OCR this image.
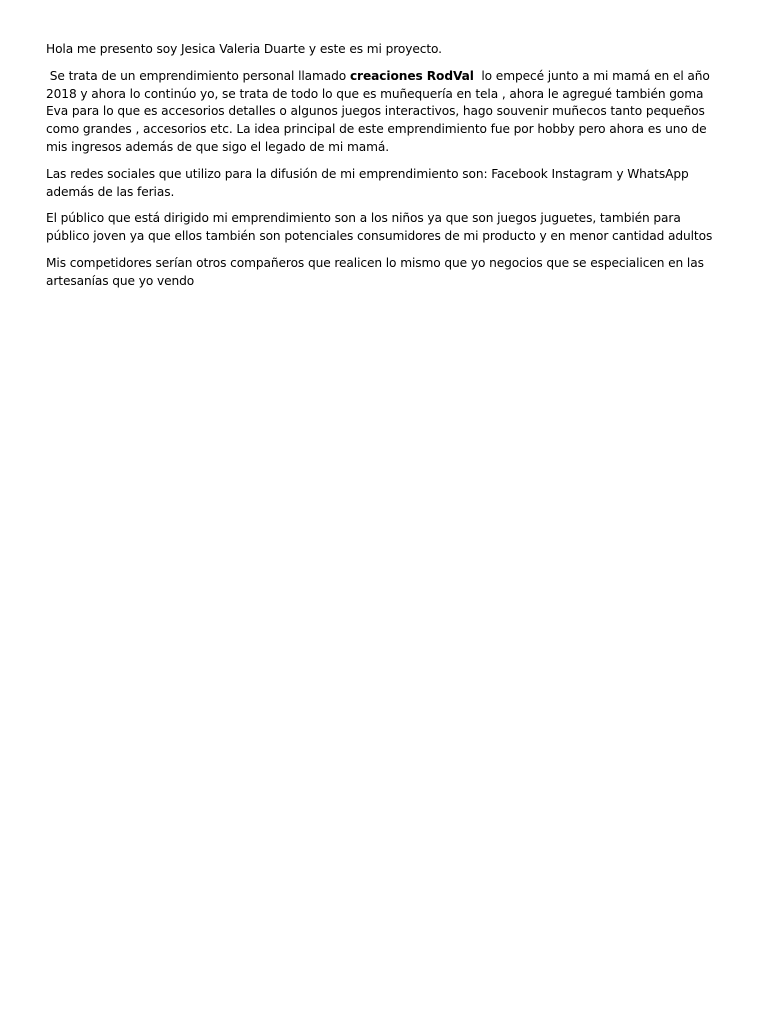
Hola me presento soy Jesica Valeria Duarte y este es mi proyecto.

Se trata de un emprendimiento personal llamado creaciones RodVal  lo empecé junto a mi mamá en el año 2018 y ahora lo continúo yo, se trata de todo lo que es muñequería en tela , ahora le agregué también goma Eva para lo que es accesorios detalles o algunos juegos interactivos, hago souvenir muñecos tanto pequeños como grandes , accesorios etc. La idea principal de este emprendimiento fue por hobby pero ahora es uno de mis ingresos además de que sigo el legado de mi mamá.

Las redes sociales que utilizo para la difusión de mi emprendimiento son: Facebook Instagram y WhatsApp además de las ferias.

El público que está dirigido mi emprendimiento son a los niños ya que son juegos juguetes, también para público joven ya que ellos también son potenciales consumidores de mi producto y en menor cantidad adultos

Mis competidores serían otros compañeros que realicen lo mismo que yo negocios que se especialicen en las artesanías que yo vendo
